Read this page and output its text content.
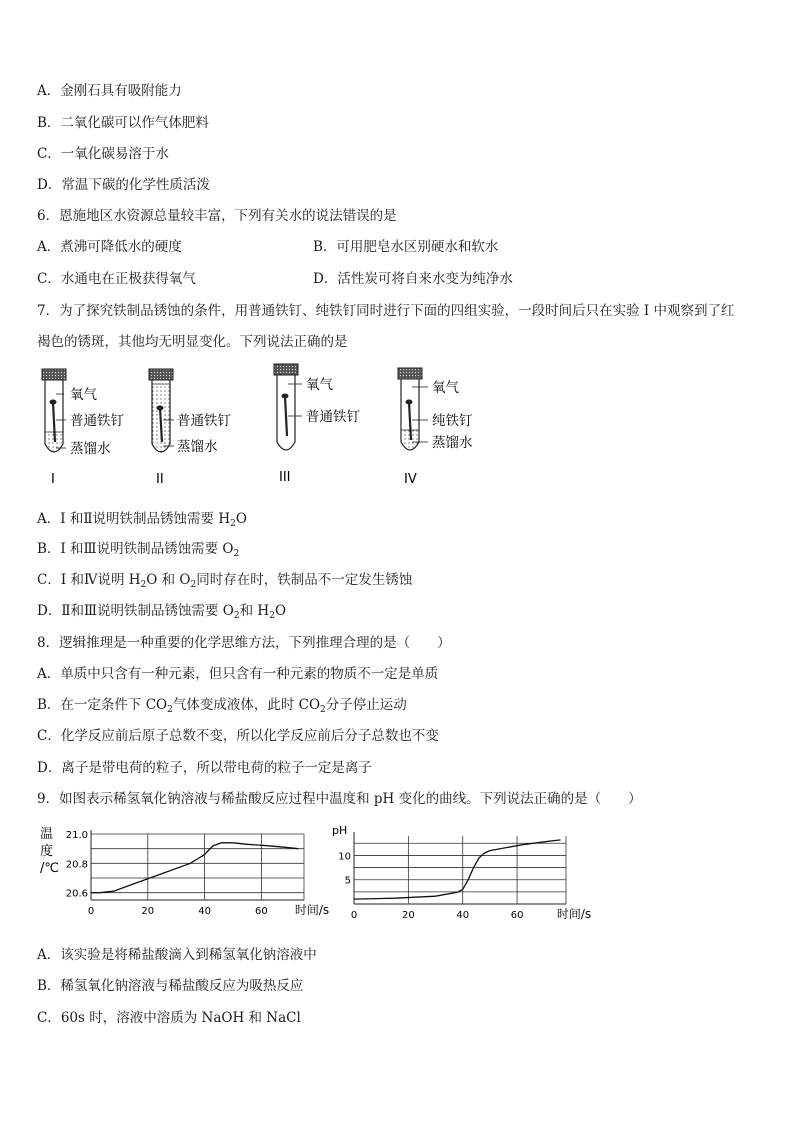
A．金刚石具有吸附能力
B．二氧化碳可以作气体肥料
C．一氧化碳易溶于水
D．常温下碳的化学性质活泼
6．恩施地区水资源总量较丰富，下列有关水的说法错误的是
A．煮沸可降低水的硬度	B．可用肥皂水区别硬水和软水
C．水通电在正极获得氧气	D．活性炭可将自来水变为纯净水
7．为了探究铁制品锈蚀的条件，用普通铁钉、纯铁钉同时进行下面的四组实验，一段时间后只在实验 I 中观察到了红
褐色的锈斑，其他均无明显变化。下列说法正确的是
氧气
普通铁钉
蒸馏水
I
普通铁钉
蒸馏水
II
氧气
普通铁钉
III
氧气
纯铁钉
蒸馏水
IV
A．I 和Ⅱ说明铁制品锈蚀需要 $H_2O$
B．I 和Ⅲ说明铁制品锈蚀需要 $O_2$
C．I 和Ⅳ说明 $H_2O$ 和 $O_2$同时存在时，铁制品不一定发生锈蚀
D．Ⅱ和Ⅲ说明铁制品锈蚀需要 $O_2$和 $H_2O$
8．逻辑推理是一种重要的化学思维方法，下列推理合理的是（　　）
A．单质中只含有一种元素，但只含有一种元素的物质不一定是单质
B．在一定条件下 $CO_2$气体变成液体，此时 $CO_2$分子停止运动
C．化学反应前后原子总数不变，所以化学反应前后分子总数也不变
D．离子是带电荷的粒子，所以带电荷的粒子一定是离子
9．如图表示稀氢氧化钠溶液与稀盐酸反应过程中温度和 pH 变化的曲线。下列说法正确的是（　　）
0	20	40	60
20.6
20.8
21.0
时间/s
温
度
/℃
0	20	40	60
5
10
时间/s
pH
A．该实验是将稀盐酸滴入到稀氢氧化钠溶液中
B．稀氢氧化钠溶液与稀盐酸反应为吸热反应
C．60s 时，溶液中溶质为 NaOH 和 NaCl
